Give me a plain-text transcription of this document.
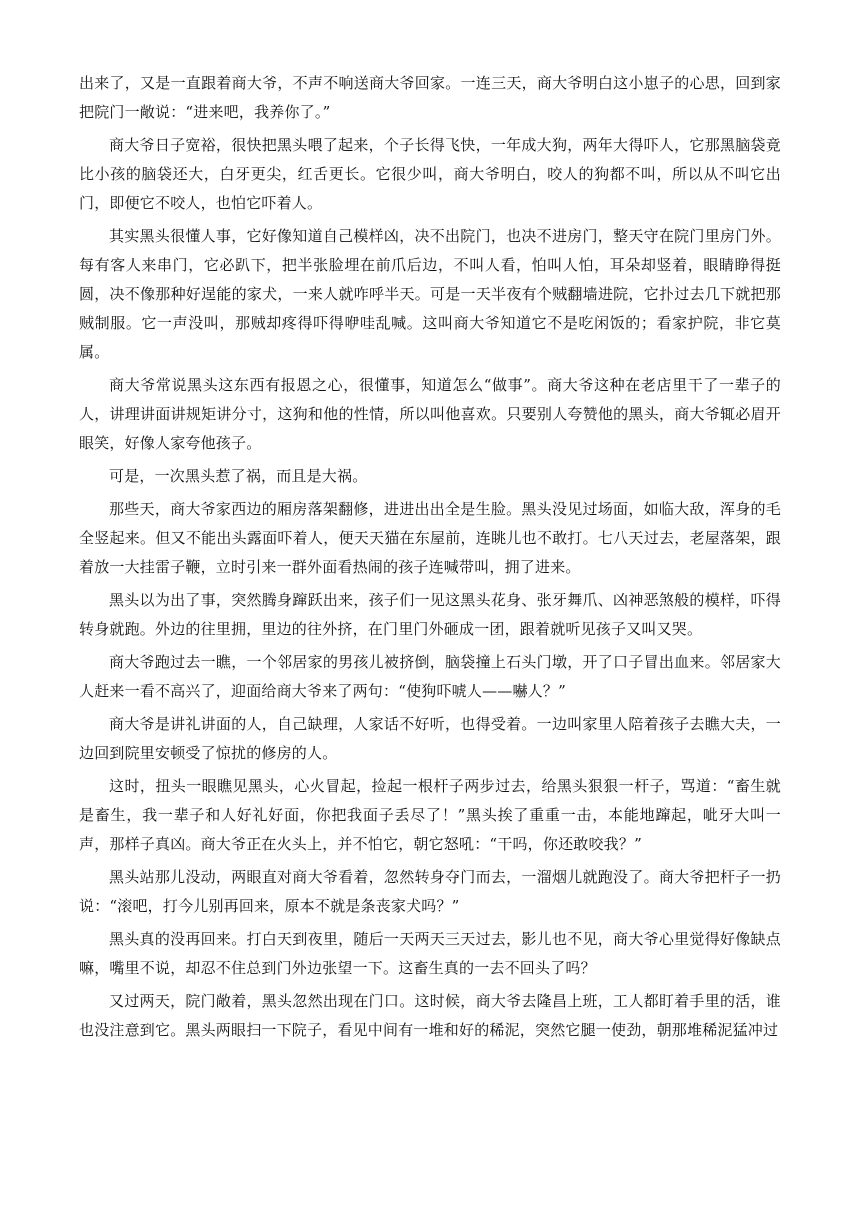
出来了，又是一直跟着商大爷，不声不响送商大爷回家。一连三天，商大爷明白这小崽子的心思，回到家把院门一敞说：“进来吧，我养你了。”

商大爷日子宽裕，很快把黑头喂了起来，个子长得飞快，一年成大狗，两年大得吓人，它那黑脑袋竟比小孩的脑袋还大，白牙更尖，红舌更长。它很少叫，商大爷明白，咬人的狗都不叫，所以从不叫它出门，即便它不咬人，也怕它吓着人。

其实黑头很懂人事，它好像知道自己模样凶，决不出院门，也决不进房门，整天守在院门里房门外。每有客人来串门，它必趴下，把半张脸埋在前爪后边，不叫人看，怕叫人怕，耳朵却竖着，眼睛睁得挺圆，决不像那种好逞能的家犬，一来人就咋呼半天。可是一天半夜有个贼翻墙进院，它扑过去几下就把那贼制服。它一声没叫，那贼却疼得吓得咿哇乱喊。这叫商大爷知道它不是吃闲饭的；看家护院，非它莫属。

商大爷常说黑头这东西有报恩之心，很懂事，知道怎么“做事”。商大爷这种在老店里干了一辈子的人，讲理讲面讲规矩讲分寸，这狗和他的性情，所以叫他喜欢。只要别人夸赞他的黑头，商大爷辄必眉开眼笑，好像人家夸他孩子。

可是，一次黑头惹了祸，而且是大祸。

那些天，商大爷家西边的厢房落架翻修，进进出出全是生脸。黑头没见过场面，如临大敌，浑身的毛全竖起来。但又不能出头露面吓着人，便天天猫在东屋前，连眺儿也不敢打。七八天过去，老屋落架，跟着放一大挂雷子鞭，立时引来一群外面看热闹的孩子连喊带叫，拥了进来。

黑头以为出了事，突然腾身蹿跃出来，孩子们一见这黑头花身、张牙舞爪、凶神恶煞般的模样，吓得转身就跑。外边的往里拥，里边的往外挤，在门里门外砸成一团，跟着就听见孩子又叫又哭。

商大爷跑过去一瞧，一个邻居家的男孩儿被挤倒，脑袋撞上石头门墩，开了口子冒出血来。邻居家大人赶来一看不高兴了，迎面给商大爷来了两句：“使狗吓唬人——嚇人？”

商大爷是讲礼讲面的人，自己缺理，人家话不好听，也得受着。一边叫家里人陪着孩子去瞧大夫，一边回到院里安顿受了惊扰的修房的人。

这时，扭头一眼瞧见黑头，心火冒起，捡起一根杆子两步过去，给黑头狠狠一杆子，骂道：“畜生就是畜生，我一辈子和人好礼好面，你把我面子丢尽了！”黑头挨了重重一击，本能地蹿起，呲牙大叫一声，那样子真凶。商大爷正在火头上，并不怕它，朝它怒吼：“干吗，你还敢咬我？”

黑头站那儿没动，两眼直对商大爷看着，忽然转身夺门而去，一溜烟儿就跑没了。商大爷把杆子一扔说：“滚吧，打今儿别再回来，原本不就是条丧家犬吗？”

黑头真的没再回来。打白天到夜里，随后一天两天三天过去，影儿也不见，商大爷心里觉得好像缺点嘛，嘴里不说，却忍不住总到门外边张望一下。这畜生真的一去不回头了吗？

又过两天，院门敞着，黑头忽然出现在门口。这时候，商大爷去隆昌上班，工人都盯着手里的活，谁也没注意到它。黑头两眼扫一下院子，看见中间有一堆和好的稀泥，突然它腿一使劲，朝那堆稀泥猛冲过
